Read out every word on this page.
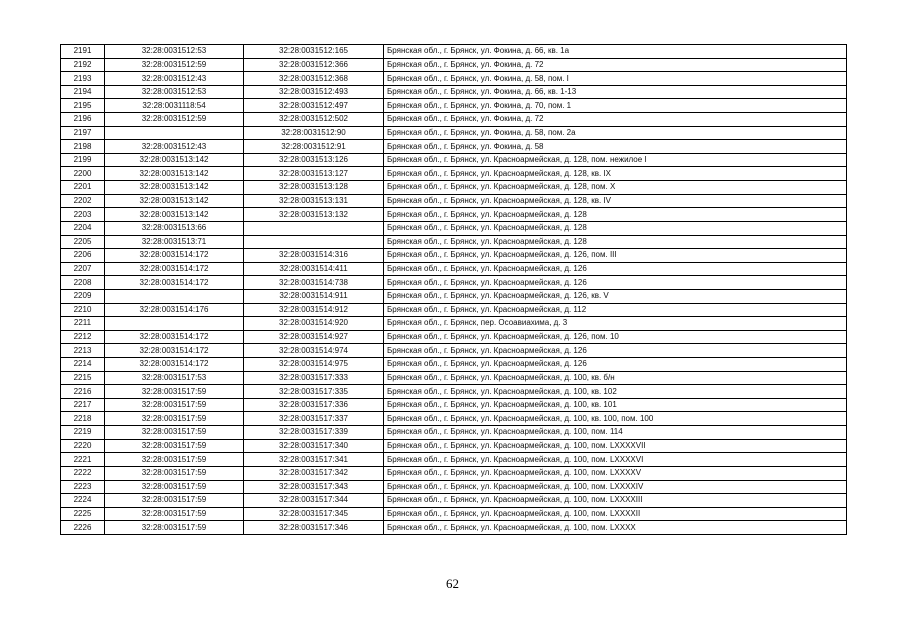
2191	32:28:0031512:53	32:28:0031512:165	Брянская обл., г. Брянск, ул. Фокина, д. 66, кв. 1а
2192	32:28:0031512:59	32:28:0031512:366	Брянская обл., г. Брянск, ул. Фокина, д. 72
2193	32:28:0031512:43	32:28:0031512:368	Брянская обл., г. Брянск, ул. Фокина, д. 58, пом. I
2194	32:28:0031512:53	32:28:0031512:493	Брянская обл., г. Брянск, ул. Фокина, д. 66, кв. 1-13
2195	32:28:0031118:54	32:28:0031512:497	Брянская обл., г. Брянск, ул. Фокина, д. 70, пом. 1
2196	32:28:0031512:59	32:28:0031512:502	Брянская обл., г. Брянск, ул. Фокина, д. 72
2197		32:28:0031512:90	Брянская обл., г. Брянск, ул. Фокина, д. 58, пом. 2а
2198	32:28:0031512:43	32:28:0031512:91	Брянская обл., г. Брянск, ул. Фокина, д. 58
2199	32:28:0031513:142	32:28:0031513:126	Брянская обл., г. Брянск, ул. Красноармейская, д. 128, пом. нежилое I
2200	32:28:0031513:142	32:28:0031513:127	Брянская обл., г. Брянск, ул. Красноармейская, д. 128, кв. IX
2201	32:28:0031513:142	32:28:0031513:128	Брянская обл., г. Брянск, ул. Красноармейская, д. 128, пом. X
2202	32:28:0031513:142	32:28:0031513:131	Брянская обл., г. Брянск, ул. Красноармейская, д. 128, кв. IV
2203	32:28:0031513:142	32:28:0031513:132	Брянская обл., г. Брянск, ул. Красноармейская, д. 128
2204	32:28:0031513:66		Брянская обл., г. Брянск, ул. Красноармейская, д. 128
2205	32:28:0031513:71		Брянская обл., г. Брянск, ул. Красноармейская, д. 128
2206	32:28:0031514:172	32:28:0031514:316	Брянская обл., г. Брянск, ул. Красноармейская, д. 126, пом. III
2207	32:28:0031514:172	32:28:0031514:411	Брянская обл., г. Брянск, ул. Красноармейская, д. 126
2208	32:28:0031514:172	32:28:0031514:738	Брянская обл., г. Брянск, ул. Красноармейская, д. 126
2209		32:28:0031514:911	Брянская обл., г. Брянск, ул. Красноармейская, д. 126, кв. V
2210	32:28:0031514:176	32:28:0031514:912	Брянская обл., г. Брянск, ул. Красноармейская, д. 112
2211		32:28:0031514:920	Брянская обл., г. Брянск, пер. Осоавиахима, д. 3
2212	32:28:0031514:172	32:28:0031514:927	Брянская обл., г. Брянск, ул. Красноармейская, д. 126, пом. 10
2213	32:28:0031514:172	32:28:0031514:974	Брянская обл., г. Брянск, ул. Красноармейская, д. 126
2214	32:28:0031514:172	32:28:0031514:975	Брянская обл., г. Брянск, ул. Красноармейская, д. 126
2215	32:28:0031517:53	32:28:0031517:333	Брянская обл., г. Брянск, ул. Красноармейская, д. 100, кв. б/н
2216	32:28:0031517:59	32:28:0031517:335	Брянская обл., г. Брянск, ул. Красноармейская, д. 100, кв. 102
2217	32:28:0031517:59	32:28:0031517:336	Брянская обл., г. Брянск, ул. Красноармейская, д. 100, кв. 101
2218	32:28:0031517:59	32:28:0031517:337	Брянская обл., г. Брянск, ул. Красноармейская, д. 100, кв. 100, пом. 100
2219	32:28:0031517:59	32:28:0031517:339	Брянская обл., г. Брянск, ул. Красноармейская, д. 100, пом. 114
2220	32:28:0031517:59	32:28:0031517:340	Брянская обл., г. Брянск, ул. Красноармейская, д. 100, пом. LXXXXVII
2221	32:28:0031517:59	32:28:0031517:341	Брянская обл., г. Брянск, ул. Красноармейская, д. 100, пом. LXXXXVI
2222	32:28:0031517:59	32:28:0031517:342	Брянская обл., г. Брянск, ул. Красноармейская, д. 100, пом. LXXXXV
2223	32:28:0031517:59	32:28:0031517:343	Брянская обл., г. Брянск, ул. Красноармейская, д. 100, пом. LXXXXIV
2224	32:28:0031517:59	32:28:0031517:344	Брянская обл., г. Брянск, ул. Красноармейская, д. 100, пом. LXXXXIII
2225	32:28:0031517:59	32:28:0031517:345	Брянская обл., г. Брянск, ул. Красноармейская, д. 100, пом. LXXXXII
2226	32:28:0031517:59	32:28:0031517:346	Брянская обл., г. Брянск, ул. Красноармейская, д. 100, пом. LXXXX
62
